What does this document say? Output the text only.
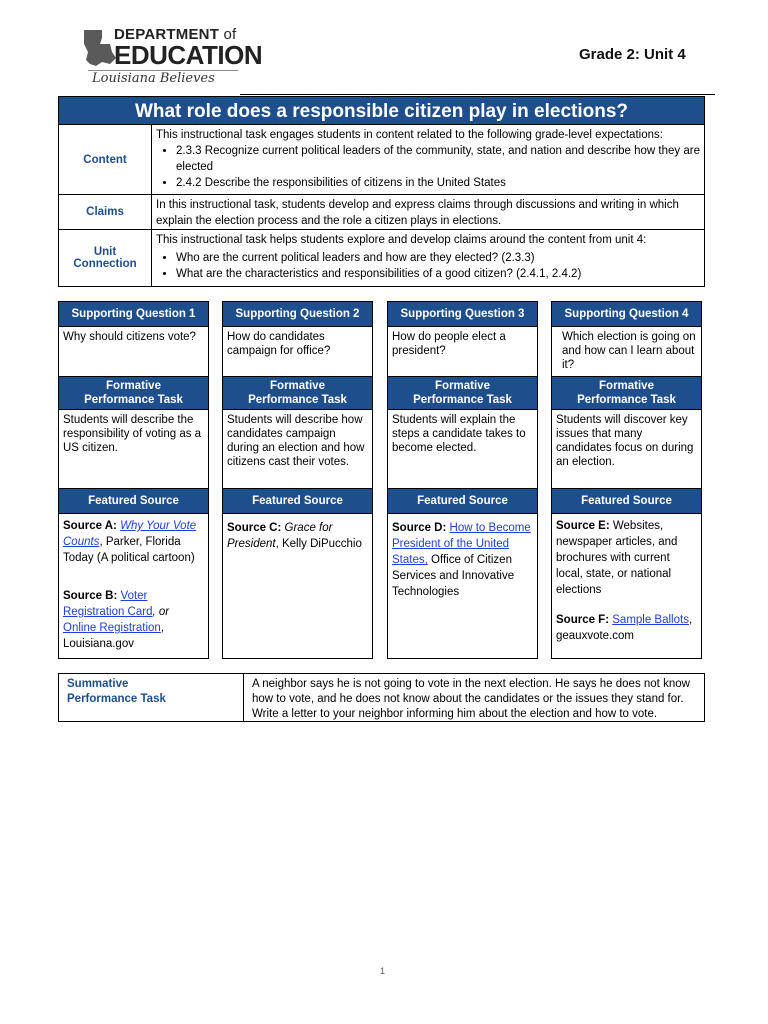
DEPARTMENT of
EDUCATION
Louisiana Believes
Grade 2: Unit 4
What role does a responsible citizen play in elections?
Content
This instructional task engages students in content related to the following grade-level expectations:
• 2.3.3 Recognize current political leaders of the community, state, and nation and describe how they are elected
• 2.4.2 Describe the responsibilities of citizens in the United States
Claims
In this instructional task, students develop and express claims through discussions and writing in which explain the election process and the role a citizen plays in elections.
Unit
Connection
This instructional task helps students explore and develop claims around the content from unit 4:
• Who are the current political leaders and how are they elected? (2.3.3)
• What are the characteristics and responsibilities of a good citizen? (2.4.1, 2.4.2)
Supporting Question 1
Why should citizens vote?
Formative
Performance Task
Students will describe the responsibility of voting as a US citizen.
Featured Source
Source A: Why Your Vote Counts, Parker, Florida Today (A political cartoon)
Source B: Voter Registration Card, or
Online Registration, Louisiana.gov
Supporting Question 2
How do candidates campaign for office?
Formative
Performance Task
Students will describe how candidates campaign during an election and how citizens cast their votes.
Featured Source
Source C: Grace for President, Kelly DiPucchio
Supporting Question 3
How do people elect a president?
Formative
Performance Task
Students will explain the steps a candidate takes to become elected.
Featured Source
Source D: How to Become President of the United States, Office of Citizen Services and Innovative Technologies
Supporting Question 4
Which election is going on and how can I learn about it?
Formative
Performance Task
Students will discover key issues that many candidates focus on during an election.
Featured Source
Source E: Websites, newspaper articles, and brochures with current local, state, or national elections
Source F: Sample Ballots, geauxvote.com
Summative
Performance Task
A neighbor says he is not going to vote in the next election. He says he does not know how to vote, and he does not know about the candidates or the issues they stand for. Write a letter to your neighbor informing him about the election and how to vote.
1
